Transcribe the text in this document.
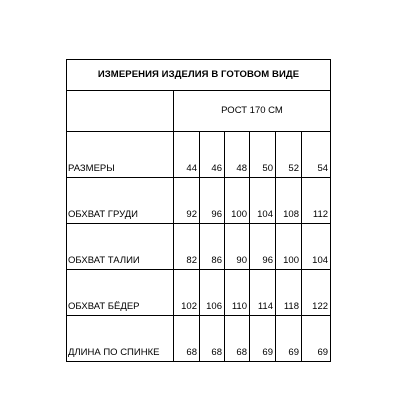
ИЗМЕРЕНИЯ ИЗДЕЛИЯ В ГОТОВОМ ВИДЕ						
	РОСТ 170 СМ					
РАЗМЕРЫ	44	46	48	50	52	54
ОБХВАТ ГРУДИ	92	96	100	104	108	112
ОБХВАТ ТАЛИИ	82	86	90	96	100	104
ОБХВАТ БЁДЕР	102	106	110	114	118	122
ДЛИНА ПО СПИНКЕ	68	68	68	69	69	69
